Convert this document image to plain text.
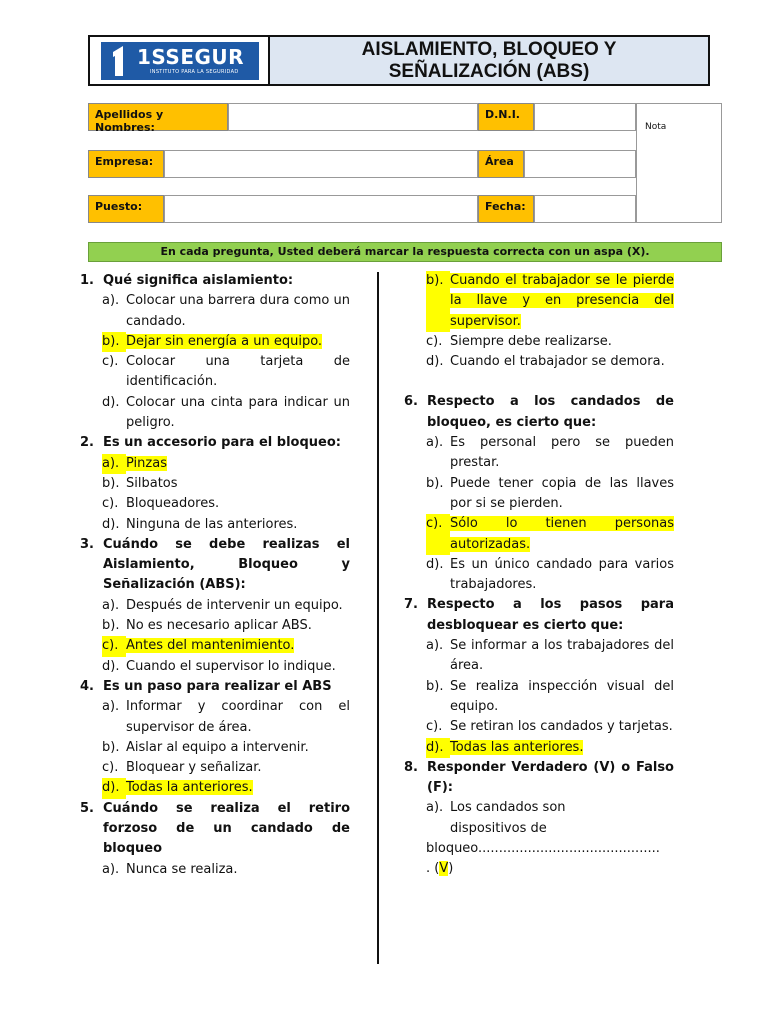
1SSEGUR
INSTITUTO PARA LA SEGURIDAD
AISLAMIENTO, BLOQUEO Y SEÑALIZACIÓN (ABS)
Apellidos y Nombres:
D.N.I.
Empresa:	Área
Puesto:	Fecha:
Nota
En cada pregunta, Usted deberá marcar la respuesta correcta con un aspa (X).
1. Qué significa aislamiento:
a). Colocar una barrera dura como un candado.
b). Dejar sin energía a un equipo.
c). Colocar una tarjeta de identificación.
d). Colocar una cinta para indicar un peligro.
2. Es un accesorio para el bloqueo:
a). Pinzas
b). Silbatos
c). Bloqueadores.
d). Ninguna de las anteriores.
3. Cuándo se debe realizas el Aislamiento, Bloqueo y Señalización (ABS):
a). Después de intervenir un equipo.
b). No es necesario aplicar ABS.
c). Antes del mantenimiento.
d). Cuando el supervisor lo indique.
4. Es un paso para realizar el ABS
a). Informar y coordinar con el supervisor de área.
b). Aislar al equipo a intervenir.
c). Bloquear y señalizar.
d). Todas la anteriores.
5. Cuándo se realiza el retiro forzoso de un candado de bloqueo
a). Nunca se realiza.
b). Cuando el trabajador se le pierde la llave y en presencia del supervisor.
c). Siempre debe realizarse.
d). Cuando el trabajador se demora.
6. Respecto a los candados de bloqueo, es cierto que:
a). Es personal pero se pueden prestar.
b). Puede tener copia de las llaves por si se pierden.
c). Sólo lo tienen personas autorizadas.
d). Es un único candado para varios trabajadores.
7. Respecto a los pasos para desbloquear es cierto que:
a). Se informar a los trabajadores del área.
b). Se realiza inspección visual del equipo.
c). Se retiran los candados y tarjetas.
d). Todas las anteriores.
8. Responder Verdadero (V) o Falso (F):
a). Los candados son dispositivos de
bloqueo............................................
. (V)
